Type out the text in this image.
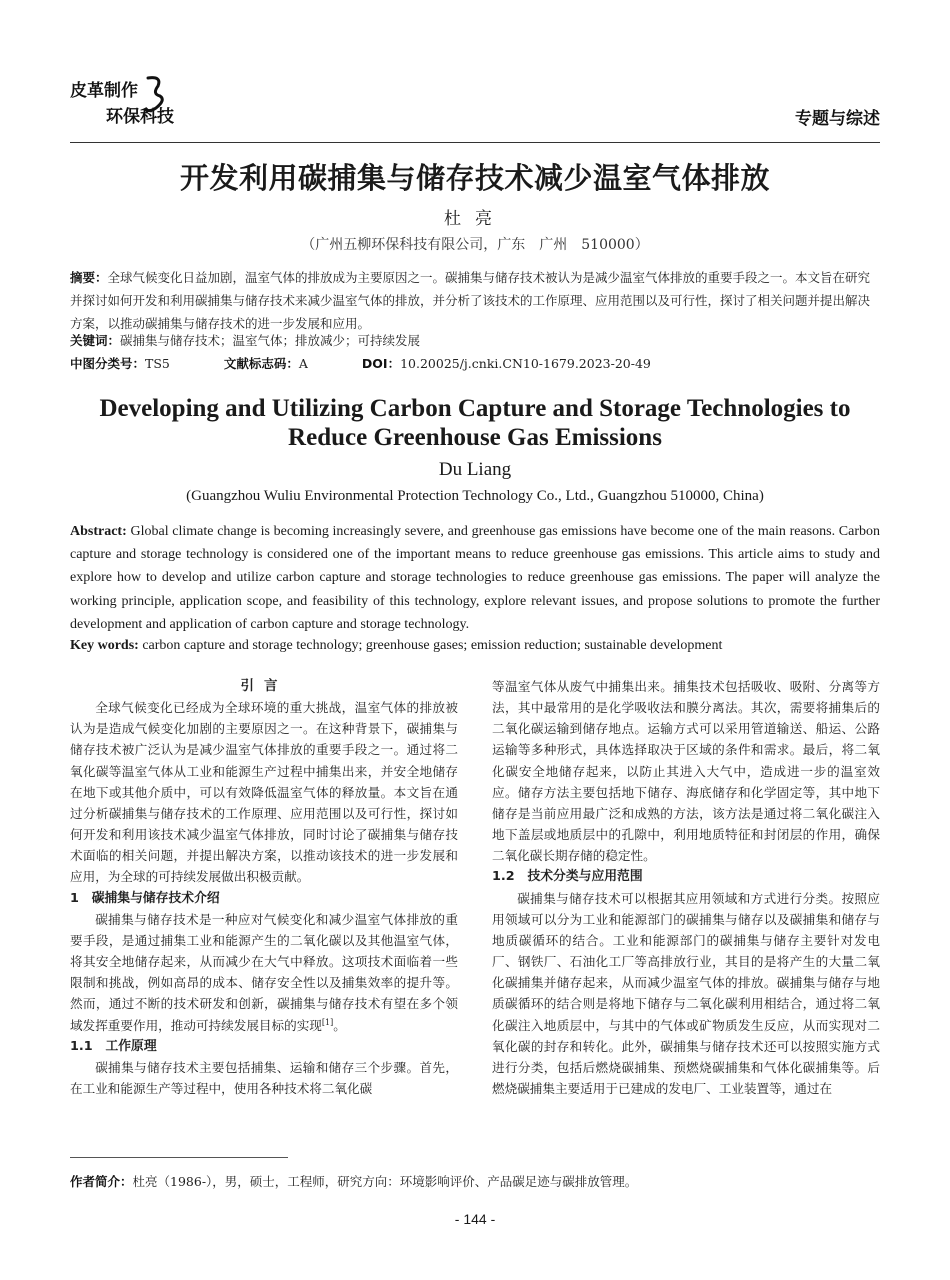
皮革制作
环保科技	专题与综述
开发利用碳捕集与储存技术减少温室气体排放
杜亮
（广州五柳环保科技有限公司，广东　广州　510000）
摘要：全球气候变化日益加剧，温室气体的排放成为主要原因之一。碳捕集与储存技术被认为是减少温室气体排放的重要手段之一。本文旨在研究并探讨如何开发和利用碳捕集与储存技术来减少温室气体的排放，并分析了该技术的工作原理、应用范围以及可行性，探讨了相关问题并提出解决方案，以推动碳捕集与储存技术的进一步发展和应用。
关键词：碳捕集与储存技术；温室气体；排放减少；可持续发展
中图分类号：TS5	文献标志码：A	DOI：10.20025/j.cnki.CN10-1679.2023-20-49
Developing and Utilizing Carbon Capture and Storage Technologies to Reduce Greenhouse Gas Emissions
Du Liang
(Guangzhou Wuliu Environmental Protection Technology Co., Ltd., Guangzhou 510000, China)
Abstract: Global climate change is becoming increasingly severe, and greenhouse gas emissions have become one of the main reasons. Carbon capture and storage technology is considered one of the important means to reduce greenhouse gas emissions. This article aims to study and explore how to develop and utilize carbon capture and storage technologies to reduce greenhouse gas emissions. The paper will analyze the working principle, application scope, and feasibility of this technology, explore relevant issues, and propose solutions to promote the further development and application of carbon capture and storage technology.
Key words: carbon capture and storage technology; greenhouse gases; emission reduction; sustainable development
引言

全球气候变化已经成为全球环境的重大挑战，温室气体的排放被认为是造成气候变化加剧的主要原因之一。在这种背景下，碳捕集与储存技术被广泛认为是减少温室气体排放的重要手段之一。通过将二氧化碳等温室气体从工业和能源生产过程中捕集出来，并安全地储存在地下或其他介质中，可以有效降低温室气体的释放量。本文旨在通过分析碳捕集与储存技术的工作原理、应用范围以及可行性，探讨如何开发和利用该技术减少温室气体排放，同时讨论了碳捕集与储存技术面临的相关问题，并提出解决方案，以推动该技术的进一步发展和应用，为全球的可持续发展做出积极贡献。

1　碳捕集与储存技术介绍

碳捕集与储存技术是一种应对气候变化和减少温室气体排放的重要手段，是通过捕集工业和能源产生的二氧化碳以及其他温室气体，将其安全地储存起来，从而减少在大气中释放。这项技术面临着一些限制和挑战，例如高昂的成本、储存安全性以及捕集效率的提升等。然而，通过不断的技术研发和创新，碳捕集与储存技术有望在多个领域发挥重要作用，推动可持续发展目标的实现[1]。

1.1　工作原理

碳捕集与储存技术主要包括捕集、运输和储存三个步骤。首先，在工业和能源生产等过程中，使用各种技术将二氧化碳

等温室气体从废气中捕集出来。捕集技术包括吸收、吸附、分离等方法，其中最常用的是化学吸收法和膜分离法。其次，需要将捕集后的二氧化碳运输到储存地点。运输方式可以采用管道输送、船运、公路运输等多种形式，具体选择取决于区域的条件和需求。最后，将二氧化碳安全地储存起来，以防止其进入大气中，造成进一步的温室效应。储存方法主要包括地下储存、海底储存和化学固定等，其中地下储存是当前应用最广泛和成熟的方法，该方法是通过将二氧化碳注入地下盖层或地质层中的孔隙中，利用地质特征和封闭层的作用，确保二氧化碳长期存储的稳定性。

1.2　技术分类与应用范围

碳捕集与储存技术可以根据其应用领域和方式进行分类。按照应用领域可以分为工业和能源部门的碳捕集与储存以及碳捕集和储存与地质碳循环的结合。工业和能源部门的碳捕集与储存主要针对发电厂、钢铁厂、石油化工厂等高排放行业，其目的是将产生的大量二氧化碳捕集并储存起来，从而减少温室气体的排放。碳捕集与储存与地质碳循环的结合则是将地下储存与二氧化碳利用相结合，通过将二氧化碳注入地质层中，与其中的气体或矿物质发生反应，从而实现对二氧化碳的封存和转化。此外，碳捕集与储存技术还可以按照实施方式进行分类，包括后燃烧碳捕集、预燃烧碳捕集和气体化碳捕集等。后燃烧碳捕集主要适用于已建成的发电厂、工业装置等，通过在

作者简介：杜亮（1986-），男，硕士，工程师，研究方向：环境影响评价、产品碳足迹与碳排放管理。
- 144 -
